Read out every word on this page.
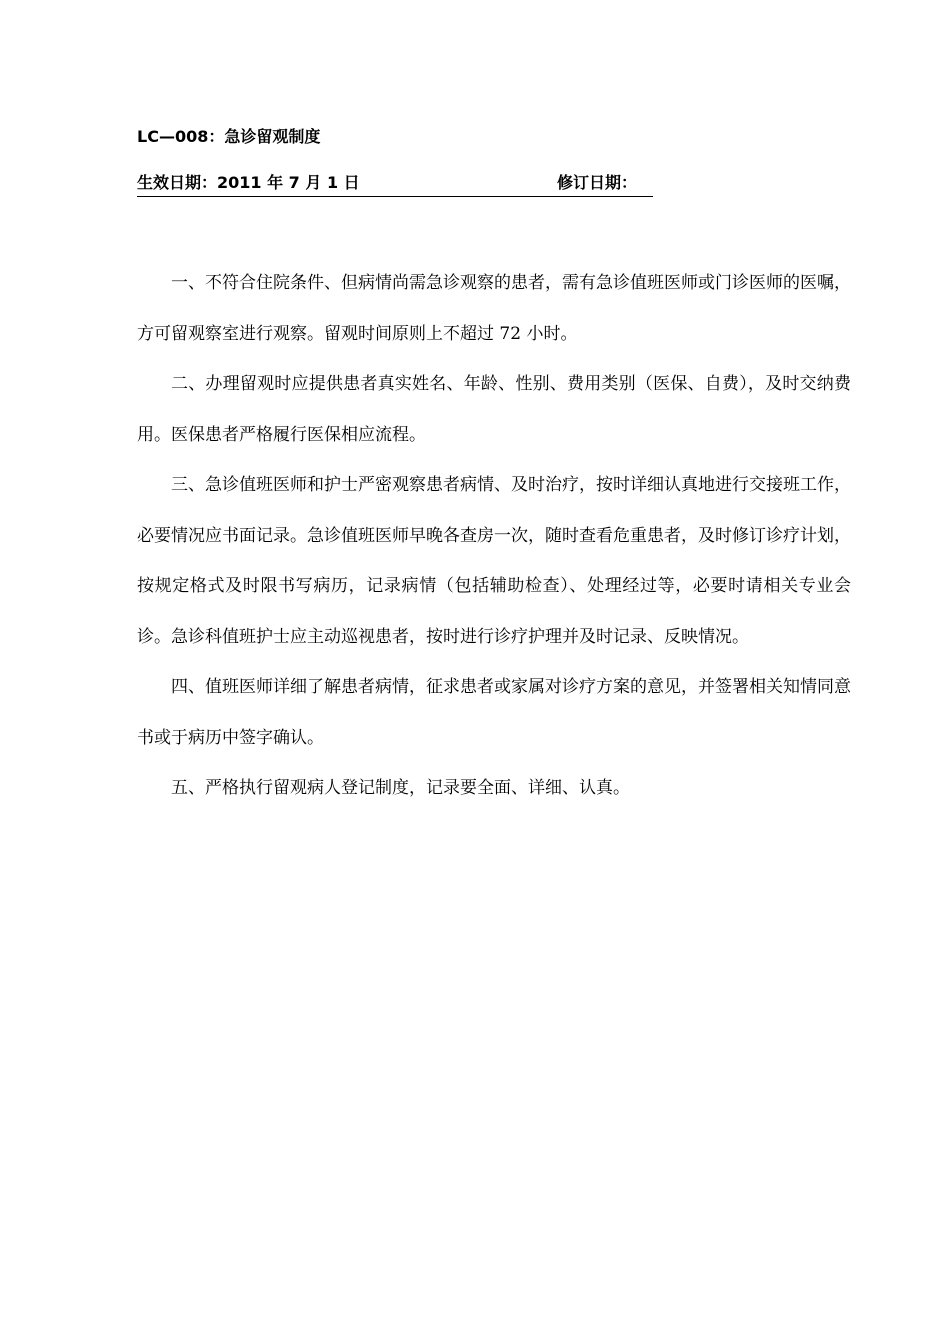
LC—008：急诊留观制度
生效日期：2011 年 7 月 1 日	修订日期：

一、不符合住院条件、但病情尚需急诊观察的患者，需有急诊值班医师或门诊医师的医嘱，方可留观察室进行观察。留观时间原则上不超过 72 小时。

二、办理留观时应提供患者真实姓名、年龄、性别、费用类别（医保、自费），及时交纳费用。医保患者严格履行医保相应流程。

三、急诊值班医师和护士严密观察患者病情、及时治疗，按时详细认真地进行交接班工作，必要情况应书面记录。急诊值班医师早晚各查房一次，随时查看危重患者，及时修订诊疗计划，按规定格式及时限书写病历，记录病情（包括辅助检查）、处理经过等，必要时请相关专业会诊。急诊科值班护士应主动巡视患者，按时进行诊疗护理并及时记录、反映情况。

四、值班医师详细了解患者病情，征求患者或家属对诊疗方案的意见，并签署相关知情同意书或于病历中签字确认。

五、严格执行留观病人登记制度，记录要全面、详细、认真。
